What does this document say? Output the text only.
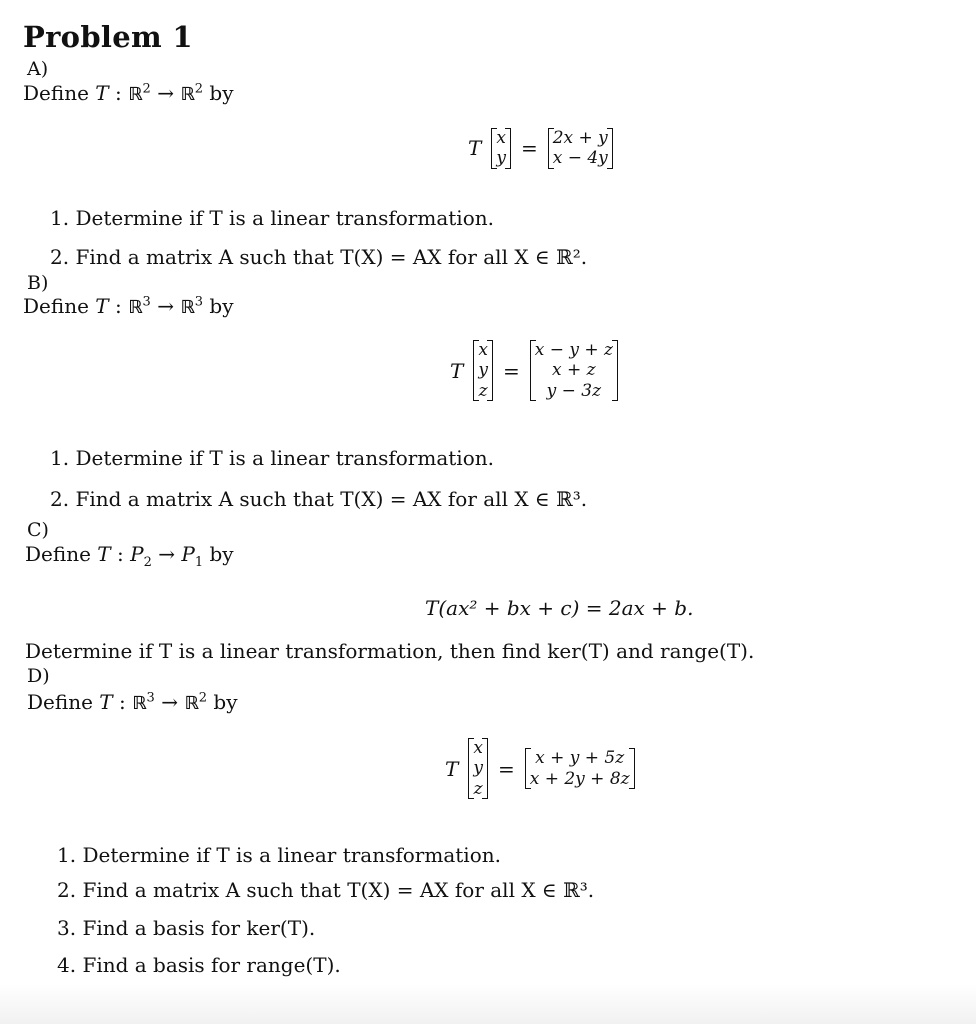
Problem 1
A)
Define T : ℝ$^2$ → ℝ$^2$ by
T x
y = 2x + y
x − 4y
1. Determine if T is a linear transformation.
2. Find a matrix A such that T(X) = AX for all X ∈ ℝ².
B)
Define T : ℝ$^3$ → ℝ$^3$ by
T
x
y
z
=
x − y + z
x + z
y − 3z
1. Determine if T is a linear transformation.
2. Find a matrix A such that T(X) = AX for all X ∈ ℝ³.
C)
Define T : $P_2 \to P_1$ by
T(ax² + bx + c) = 2ax + b.
Determine if T is a linear transformation, then find ker(T) and range(T).
D)
Define T : ℝ$^3$ → ℝ$^2$ by
T
x
y
z
=	x + y + 5z
x + 2y + 8z
1. Determine if T is a linear transformation.
2. Find a matrix A such that T(X) = AX for all X ∈ ℝ³.
3. Find a basis for ker(T).
4. Find a basis for range(T).
